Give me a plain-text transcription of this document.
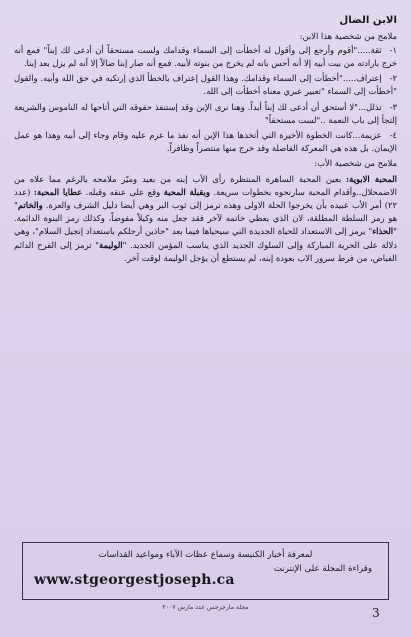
الابن الضال

ملامح من شخصية هذا الابن:

١-ثقة....."أقوم وأرجع إلى وأقول له أخطأت إلى السماء وقدامك ولست مستحقاً أن أدعى لك إبناً" فمع أنه خرج بارادته من بيت أبيه إلا أنه أحس بانه لم يخرج من بنوته لأبيه. فمع أنه صار إبنا ضالاً إلا أنه لم يزل بعد إبنا.

٢-إعتراف....."أخطأت إلى السماء وقدامك. وهذا القول إعتراف بالخطأ الذي إرتكبه في حق الله وأبيه. والقول "أخطأت إلى السماء "تعبير عبري معناه أخطأت إلى الله.

٣-تذلل..."لا أستحق أن أدعى لك إبناً أبداً. وهنا نرى الإبن وقد إستنفذ حقوقه التي أتاحها له الناموس والشريعة إلتجأ إلى باب النعمة .."لست مستحقاً"

٤-عزيمة...كانت الخطوة الأخيرة التي أتخذها هذا الإبن أنه نفذ ما عزم عليه وقام وجاء إلى أبيه وهذا هو عمل الإيمان. بل هذه هي المعركة الفاصلة وقد خرج منها منتصراً وظافراً.

ملامح من شخصية الأب:

المحبة الابوية: بعين المحبة الساهرة المنتظرة رأى الأب إبنه من بعيد وميّز ملامحه بالرغم مما علاه من الاضمحلال..وأقدام المحبة سارنحوه بخطوات سريعة. وبقبلة المحبة وقع على عنقه وقبله. عطايا المحبة: (عدد ٢٢) أمر الأب عبيده بأن يخرجوا الحلة الاولى وهذه ترمز إلى ثوب البر وهي أيضا دليل الشرف والعزة. والخاتم" هو رمز السلطة المطلقة، لان الذي يعطي خاتمه لآخر فقد جعل منه وكيلاً مفوضاً، وكذلك رمز البنوة الدائمة. "الحذاء" يرمز إلى الاستعداد للحياة الجديدة التي سيحياها فيما بعد "حاذين أرجلكم باستعداد إنجيل السلام"، وهي دلالة على الحرية المباركة وإلى السلوك الجديد الذي يناسب المؤمن الجديد. "الوليمة" ترمز إلى الفرح الدائم الفياض، من فرط سرور الاب بعودة إبنه، لم يستطع أن يؤجل الوليمة لوقت آخر.

لمعرفة أخبار الكنيسة وسماع عظات الآباء ومواعيد القداسات
وقراءة المجلة على الإنترنت
www.stgeorgestjoseph.ca
مجلة مارجرجس عدد مارس ٢٠٠٧	3
